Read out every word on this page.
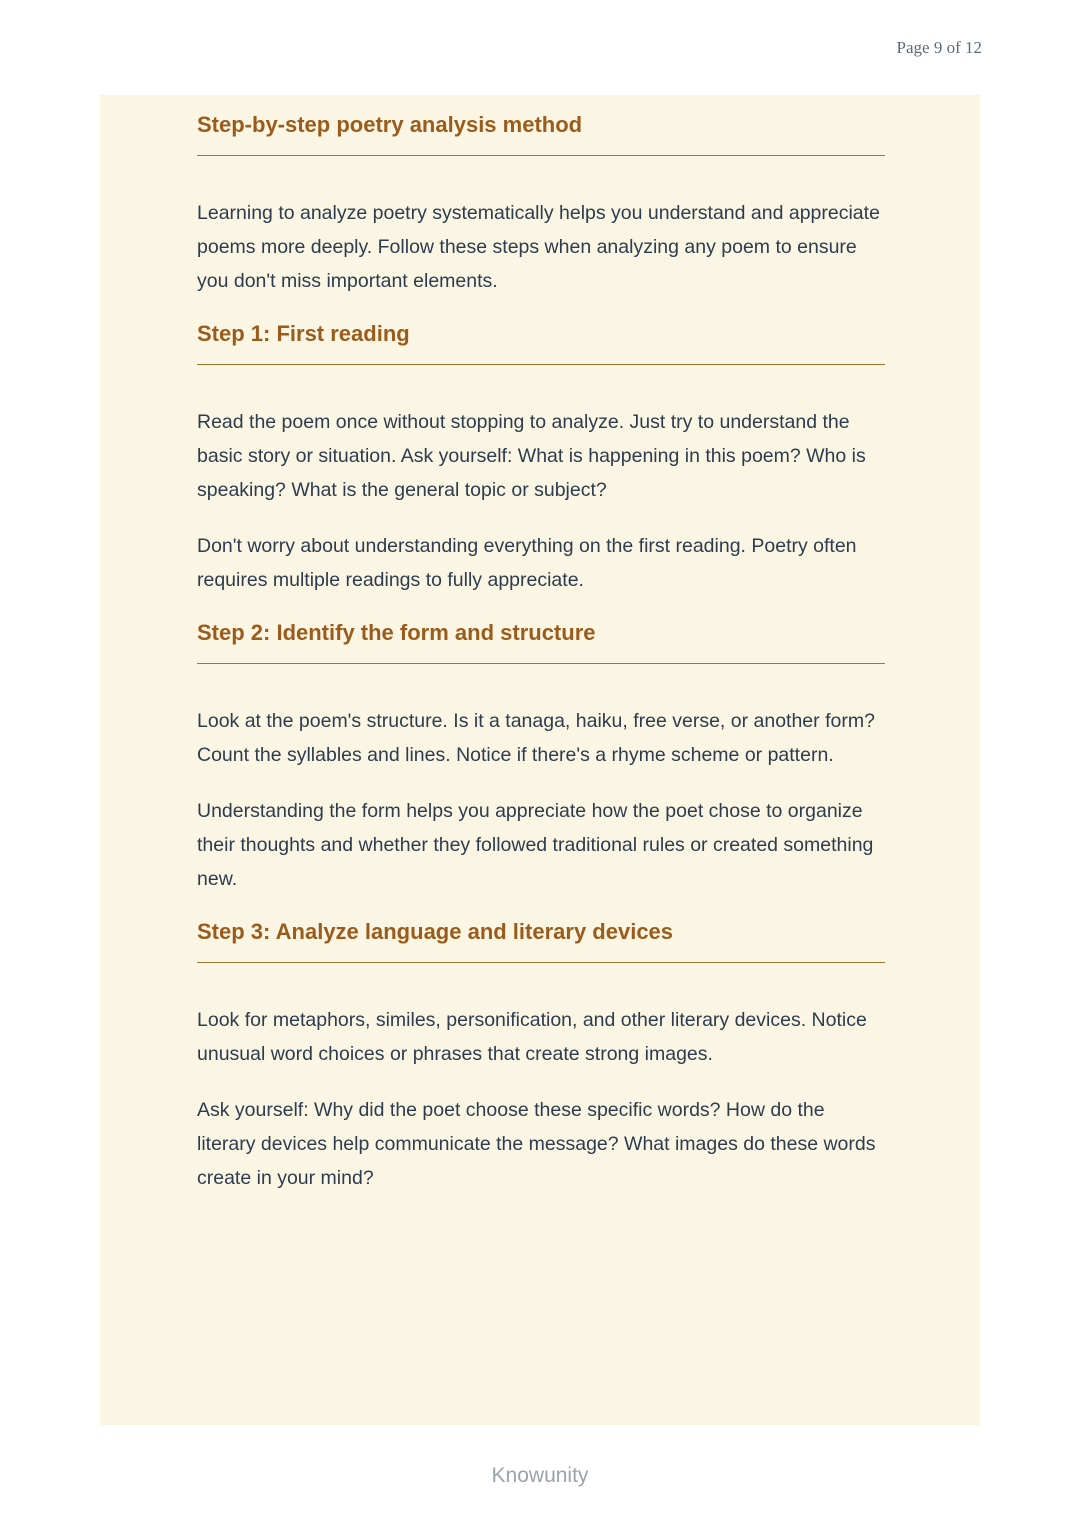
Page 9 of 12
Step-by-step poetry analysis method

Learning to analyze poetry systematically helps you understand and appreciate poems more deeply. Follow these steps when analyzing any poem to ensure you don't miss important elements.

Step 1: First reading

Read the poem once without stopping to analyze. Just try to understand the basic story or situation. Ask yourself: What is happening in this poem? Who is speaking? What is the general topic or subject?

Don't worry about understanding everything on the first reading. Poetry often requires multiple readings to fully appreciate.

Step 2: Identify the form and structure

Look at the poem's structure. Is it a tanaga, haiku, free verse, or another form? Count the syllables and lines. Notice if there's a rhyme scheme or pattern.

Understanding the form helps you appreciate how the poet chose to organize their thoughts and whether they followed traditional rules or created something new.

Step 3: Analyze language and literary devices

Look for metaphors, similes, personification, and other literary devices. Notice unusual word choices or phrases that create strong images.

Ask yourself: Why did the poet choose these specific words? How do the literary devices help communicate the message? What images do these words create in your mind?

Knowunity
